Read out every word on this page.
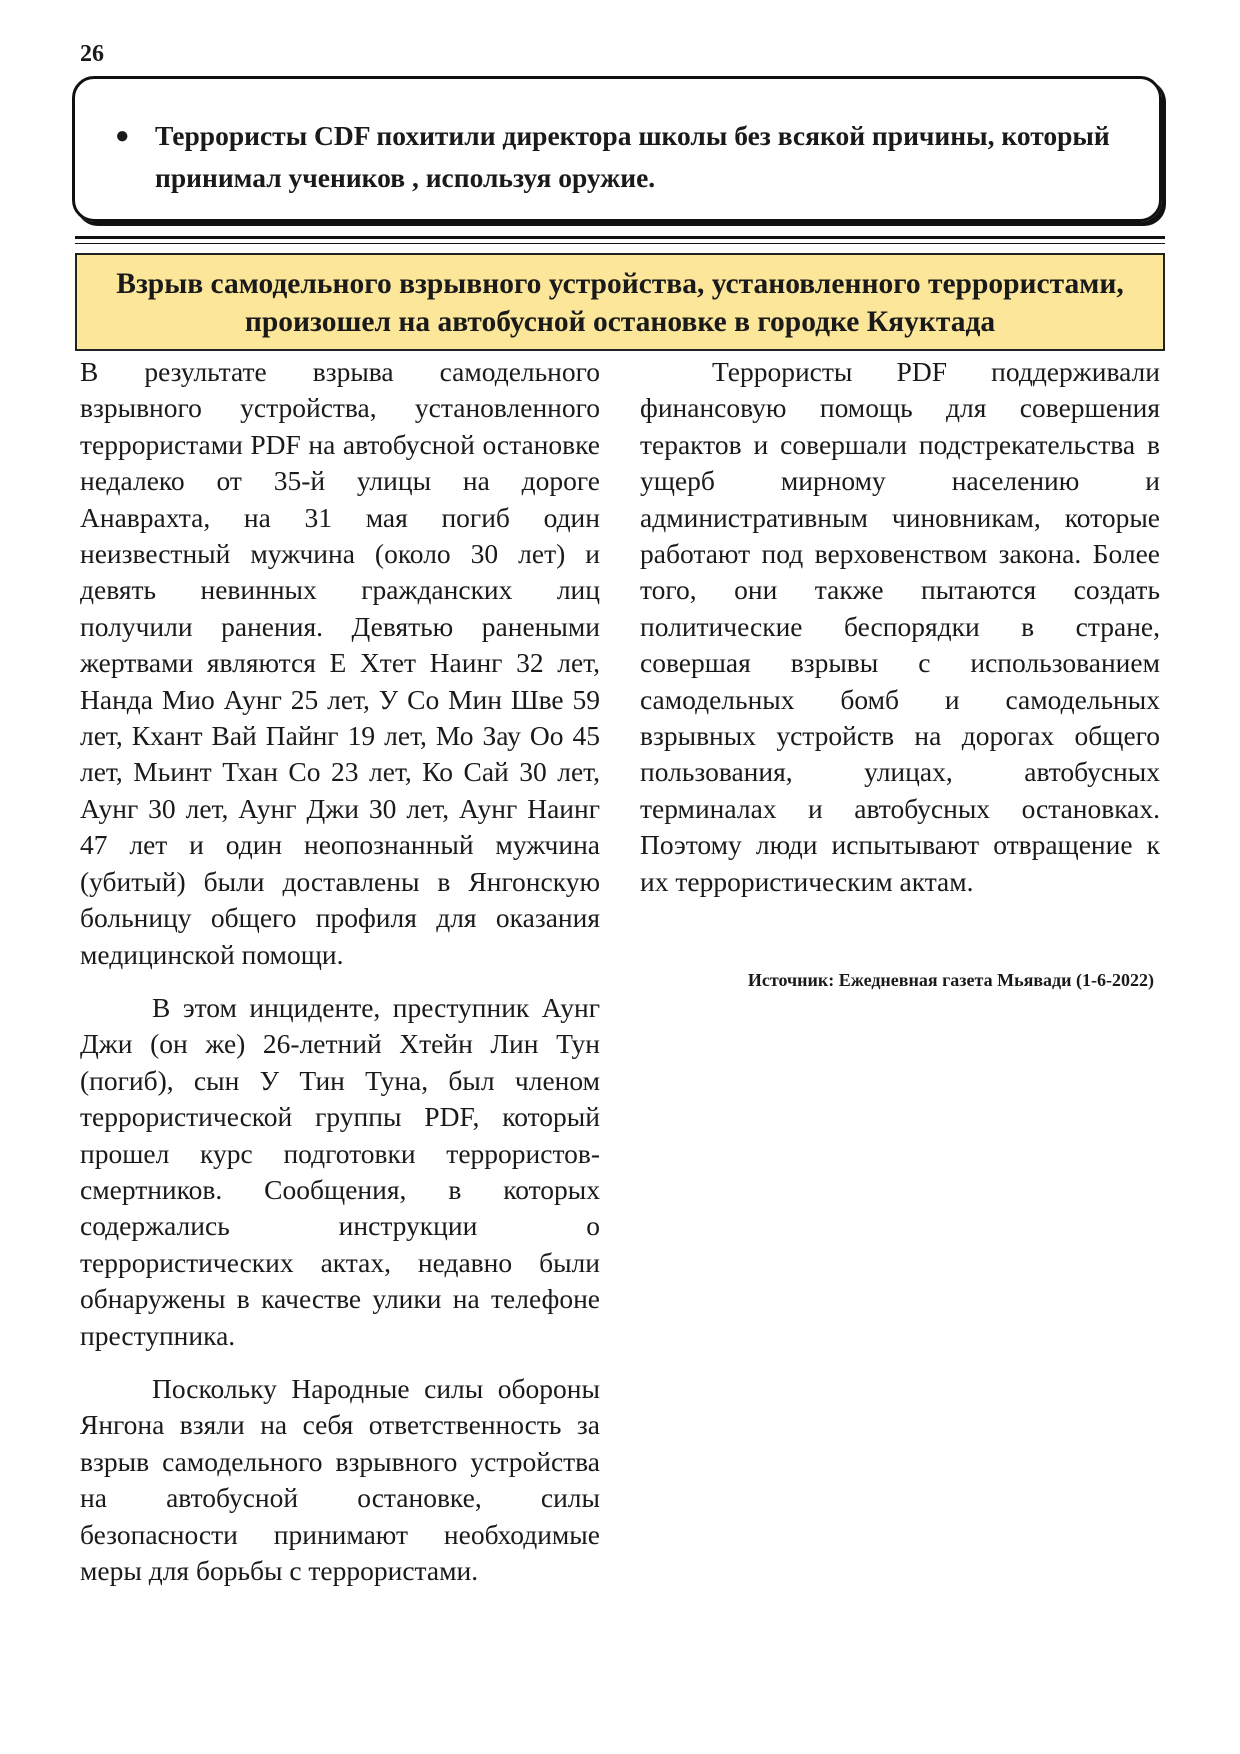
26
● Террористы CDF похитили директора школы без всякой причины, который принимал учеников , используя оружие.
Взрыв самодельного взрывного устройства, установленного террористами,
произошел на автобусной остановке в городке Кяуктада

В результате взрыва самодельного взрывного устройства, установленного террористами PDF на автобусной остановке недалеко от 35-й улицы на дороге Анаврахта, на 31 мая погиб один неизвестный мужчина (около 30 лет) и девять невинных гражданских лиц получили ранения. Девятью ранеными жертвами являются Е Хтет Наинг 32 лет, Нанда Мио Аунг 25 лет, У Со Мин Шве 59 лет, Кхант Вай Пайнг 19 лет, Мо Зау Оо 45 лет, Мьинт Тхан Со 23 лет, Ко Сай 30 лет, Аунг 30 лет, Аунг Джи 30 лет, Аунг Наинг 47 лет и один неопознанный мужчина (убитый) были доставлены в Янгонскую больницу общего профиля для оказания медицинской помощи.

В этом инциденте, преступник Аунг Джи (он же) 26-летний Хтейн Лин Тун (погиб), сын У Тин Туна, был членом террористической группы PDF, который прошел курс подготовки террористов-смертников. Сообщения, в которых содержались инструкции о террористических актах, недавно были обнаружены в качестве улики на телефоне преступника.

Поскольку Народные силы обороны Янгона взяли на себя ответственность за взрыв самодельного взрывного устройства на автобусной остановке, силы безопасности принимают необходимые меры для борьбы с террористами.

Террористы PDF поддерживали финансовую помощь для совершения терактов и совершали подстрекательства в ущерб мирному населению и административным чиновникам, которые работают под верховенством закона. Более того, они также пытаются создать политические беспорядки в стране, совершая взрывы с использованием самодельных бомб и самодельных взрывных устройств на дорогах общего пользования, улицах, автобусных терминалах и автобусных остановках. Поэтому люди испытывают отвращение к их террористическим актам.

Источник: Ежедневная газета Мьявади (1-6-2022)
